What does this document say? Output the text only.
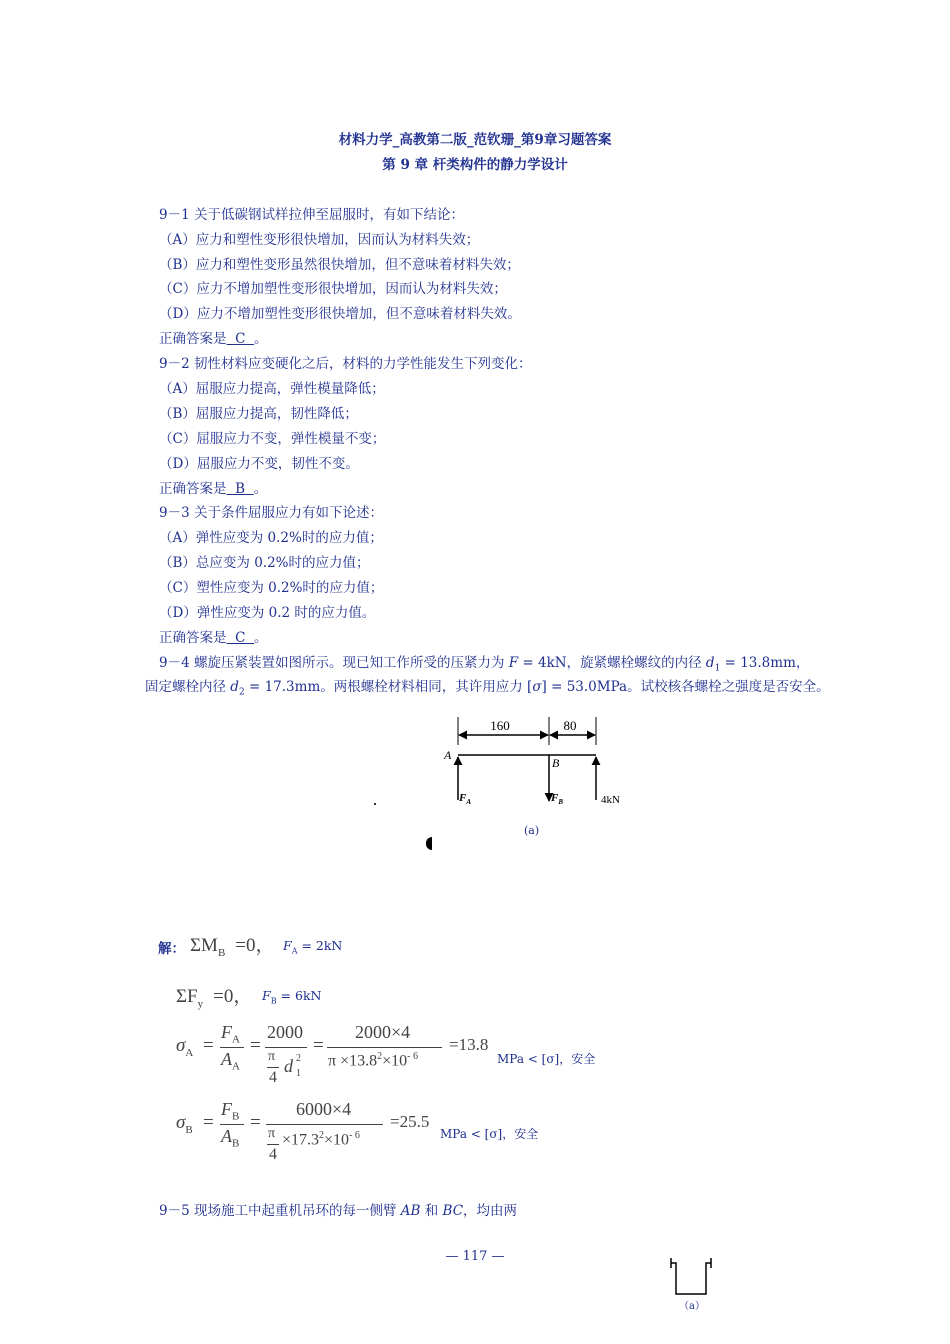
材料力学_高教第二版_范钦珊_第9章习题答案
第 9 章 杆类构件的静力学设计
9－1 关于低碳钢试样拉伸至屈服时，有如下结论：
（A）应力和塑性变形很快增加，因而认为材料失效；
（B）应力和塑性变形虽然很快增加，但不意味着材料失效；
（C）应力不增加塑性变形很快增加，因而认为材料失效；
（D）应力不增加塑性变形很快增加，但不意味着材料失效。
正确答案是  C  。
9－2 韧性材料应变硬化之后，材料的力学性能发生下列变化：
（A）屈服应力提高，弹性模量降低；
（B）屈服应力提高，韧性降低；
（C）屈服应力不变，弹性模量不变；
（D）屈服应力不变，韧性不变。
正确答案是  B  。
9－3 关于条件屈服应力有如下论述：
（A）弹性应变为 0.2%时的应力值；
（B）总应变为 0.2%时的应力值；
（C）塑性应变为 0.2%时的应力值；
（D）弹性应变为 0.2 时的应力值。
正确答案是  C  。
9－4 螺旋压紧装置如图所示。现已知工作所受的压紧力为 F = 4kN，旋紧螺栓螺纹的内径 $d_1 = 13.8mm$，
固定螺栓内径 $d_2 = 17.3mm$。两根螺栓材料相同，其许用应力 [σ] = 53.0MPa。试校核各螺栓之强度是否安全。
160	80
A
B
$F_A$	$F_B$	4kN
(a)
解： $\Sigma M_B =0$， $F_A = 2kN$
$\Sigma F_y =0$， $F_B = 6kN$
$\sigma_A$ =
$F_A$
$A_A$
=
2000
π
4
d 2
1
=
2000×4
$\pi \times 13.8^2\times 10^{- 6}$
=13.8
MPa < [σ]，安全
$\sigma_B$ =
$F_B$
$A_B$
=
6000×4
π
4
$\times 17.3^2\times 10^{- 6}$
=25.5
MPa < [σ]，安全
9－5 现场施工中起重机吊环的每一侧臂 AB 和 BC，均由两
— 117 —
（a）
